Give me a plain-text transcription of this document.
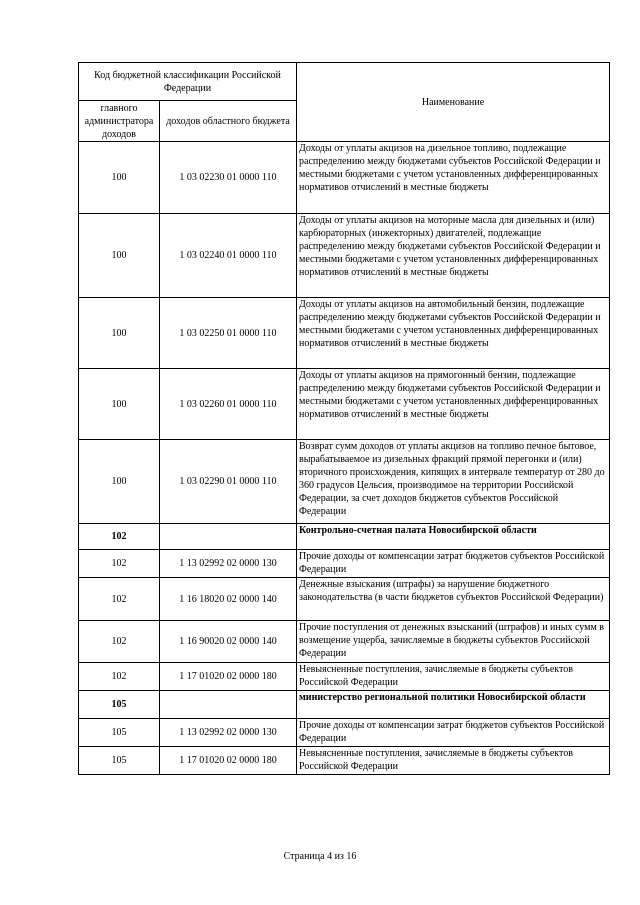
Код бюджетной классификации Российской Федерации		Наименование
главного администратора доходов	доходов областного бюджета	
100	1 03 02230 01 0000 110	Доходы от уплаты акцизов на дизельное топливо, подлежащие распределению между бюджетами субъектов Российской Федерации и местными бюджетами с учетом установленных дифференцированных нормативов отчислений в местные бюджеты
100	1 03 02240 01 0000 110	Доходы от уплаты акцизов на моторные масла для дизельных и (или) карбюраторных (инжекторных) двигателей, подлежащие распределению между бюджетами субъектов Российской Федерации и местными бюджетами с учетом установленных дифференцированных нормативов отчислений в местные бюджеты
100	1 03 02250 01 0000 110	Доходы от уплаты акцизов на автомобильный бензин, подлежащие распределению между бюджетами субъектов Российской Федерации и местными бюджетами с учетом установленных дифференцированных нормативов отчислений в местные бюджеты
100	1 03 02260 01 0000 110	Доходы от уплаты акцизов на прямогонный бензин, подлежащие распределению между бюджетами субъектов Российской Федерации и местными бюджетами с учетом установленных дифференцированных нормативов отчислений в местные бюджеты
100	1 03 02290 01 0000 110	Возврат сумм доходов от уплаты акцизов на топливо печное бытовое, вырабатываемое из дизельных фракций прямой перегонки и (или) вторичного происхождения, кипящих в интервале температур от 280 до 360 градусов Цельсия, производимое на территории Российской Федерации, за счет доходов бюджетов субъектов Российской Федерации
102		Контрольно-счетная палата Новосибирской области
102	1 13 02992 02 0000 130	Прочие доходы от компенсации затрат бюджетов субъектов Российской Федерации
102	1 16 18020 02 0000 140	Денежные взыскания (штрафы) за нарушение бюджетного законодательства (в части бюджетов субъектов Российской Федерации)
102	1 16 90020 02 0000 140	Прочие поступления от денежных взысканий (штрафов) и иных сумм в возмещение ущерба, зачисляемые в бюджеты субъектов Российской Федерации
102	1 17 01020 02 0000 180	Невыясненные поступления, зачисляемые в бюджеты субъектов Российской Федерации
105		министерство региональной политики Новосибирской области
105	1 13 02992 02 0000 130	Прочие доходы от компенсации затрат бюджетов субъектов Российской Федерации
105	1 17 01020 02 0000 180	Невыясненные поступления, зачисляемые в бюджеты субъектов Российской Федерации
Страница 4 из 16
